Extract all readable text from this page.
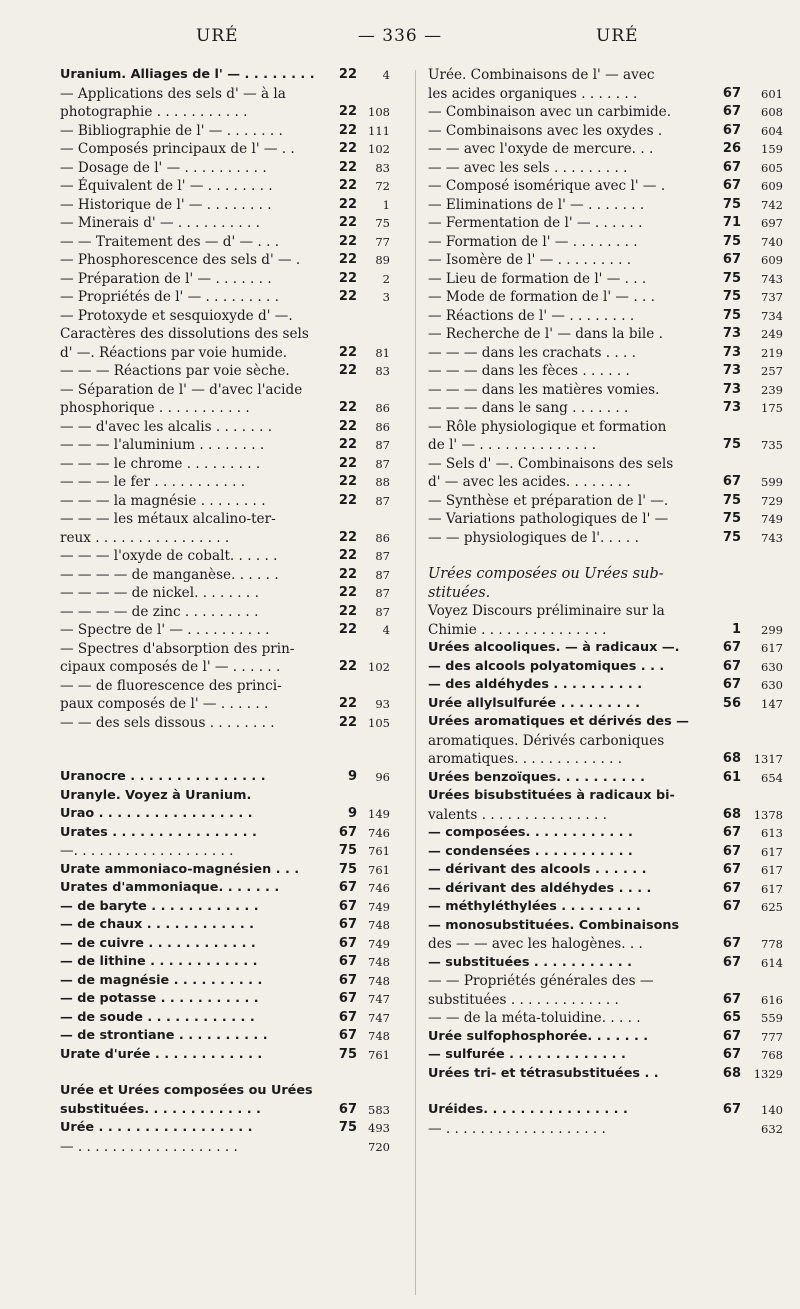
URÉ	— 336 —	URÉ
Uranium. Alliages de l' — . . . . . . . .	22	4
— Applications des sels d' — à la
photographie . . . . . . . . . . .	22 108
— Bibliographie de l' — . . . . . . .	22 111
— Composés principaux de l' — . .	22 102
— Dosage de l' — . . . . . . . . . .	22	83
— Équivalent de l' — . . . . . . . .	22	72
— Historique de l' — . . . . . . . .	22	1
— Minerais d' — . . . . . . . . . .	22	75
— — Traitement des — d' — . . .	22	77
— Phosphorescence des sels d' — .	22	89
— Préparation de l' — . . . . . . .	22	2
— Propriétés de l' — . . . . . . . . .	22	3
— Protoxyde et sesquioxyde d' —.
Caractères des dissolutions des sels
d' —. Réactions par voie humide.	22	81
— — — Réactions par voie sèche.	22	83
— Séparation de l' — d'avec l'acide
phosphorique . . . . . . . . . . .	22	86
— — d'avec les alcalis . . . . . . .	22	86
— — — l'aluminium . . . . . . . .	22	87
— — — le chrome . . . . . . . . .	22	87
— — — le fer . . . . . . . . . . .	22	88
— — — la magnésie . . . . . . . .	22	87
— — — les métaux alcalino-ter-
reux . . . . . . . . . . . . . . . .	22	86
— — — l'oxyde de cobalt. . . . . .	22	87
— — — — de manganèse. . . . . .	22	87
— — — — de nickel. . . . . . . .	22	87
— — — — de zinc . . . . . . . . .	22	87
— Spectre de l' — . . . . . . . . . .	22	4
— Spectres d'absorption des prin-
cipaux composés de l' — . . . . . .	22 102
— — de fluorescence des princi-
paux composés de l' — . . . . . .	22	93
— — des sels dissous . . . . . . . .	22 105
Uranocre . . . . . . . . . . . . . . .	9	96
Uranyle. Voyez à Uranium.
Urao . . . . . . . . . . . . . . . . .	9 149
Urates . . . . . . . . . . . . . . . .	67 746
—. . . . . . . . . . . . . . . . . . .	75 761
Urate ammoniaco-magnésien . . .	75 761
Urates d'ammoniaque. . . . . . .	67 746
— de baryte . . . . . . . . . . . .	67 749
— de chaux . . . . . . . . . . . .	67 748
— de cuivre . . . . . . . . . . . .	67 749
— de lithine . . . . . . . . . . . .	67 748
— de magnésie . . . . . . . . . .	67 748
— de potasse . . . . . . . . . . .	67 747
— de soude . . . . . . . . . . . .	67 747
— de strontiane . . . . . . . . . .	67 748
Urate d'urée . . . . . . . . . . . .	75 761
Urée et Urées composées ou Urées
substituées. . . . . . . . . . . . .	67 583
Urée . . . . . . . . . . . . . . . . .	75 493
— . . . . . . . . . . . . . . . . . . .	720
Urée. Combinaisons de l' — avec
les acides organiques . . . . . . .	67	601
— Combinaison avec un carbimide.	67	608
— Combinaisons avec les oxydes .	67	604
— — avec l'oxyde de mercure. . .	26	159
— — avec les sels . . . . . . . . .	67	605
— Composé isomérique avec l' — .	67	609
— Eliminations de l' — . . . . . . .	75	742
— Fermentation de l' — . . . . . .	71	697
— Formation de l' — . . . . . . . .	75	740
— Isomère de l' — . . . . . . . . .	67	609
— Lieu de formation de l' — . . .	75	743
— Mode de formation de l' — . . .	75	737
— Réactions de l' — . . . . . . . .	75	734
— Recherche de l' — dans la bile .	73	249
— — — dans les crachats . . . .	73	219
— — — dans les fèces . . . . . .	73	257
— — — dans les matières vomies.	73	239
— — — dans le sang . . . . . . .	73	175
— Rôle physiologique et formation
de l' — . . . . . . . . . . . . . .	75	735
— Sels d' —. Combinaisons des sels
d' — avec les acides. . . . . . . .	67	599
— Synthèse et préparation de l' —.	75	729
— Variations pathologiques de l' —	75	749
— — physiologiques de l'. . . . .	75	743
Urées composées ou Urées sub-
stituées.
Voyez Discours préliminaire sur la
Chimie . . . . . . . . . . . . . . .	1	299
Urées alcooliques. — à radicaux —.	67	617
— des alcools polyatomiques . . .	67	630
— des aldéhydes . . . . . . . . . .	67	630
Urée allylsulfurée . . . . . . . . .	56	147
Urées aromatiques et dérivés des —
aromatiques. Dérivés carboniques
aromatiques. . . . . . . . . . . . .	68	1317
Urées benzoïques. . . . . . . . . .	61	654
Urées bisubstituées à radicaux bi-
valents . . . . . . . . . . . . . . .	68	1378
— composées. . . . . . . . . . . .	67	613
— condensées . . . . . . . . . . .	67	617
— dérivant des alcools . . . . . .	67	617
— dérivant des aldéhydes . . . .	67	617
— méthyléthylées . . . . . . . . .	67	625
— monosubstituées. Combinaisons
des — — avec les halogènes. . .	67	778
— substituées . . . . . . . . . . .	67	614
— — Propriétés générales des —
substituées . . . . . . . . . . . . .	67	616
— — de la méta-toluidine. . . . .	65	559
Urée sulfophosphorée. . . . . . .	67	777
— sulfurée . . . . . . . . . . . . .	67	768
Urées tri- et tétrasubstituées . .	68	1329
Uréides. . . . . . . . . . . . . . . .	67	140
— . . . . . . . . . . . . . . . . . . .	632
